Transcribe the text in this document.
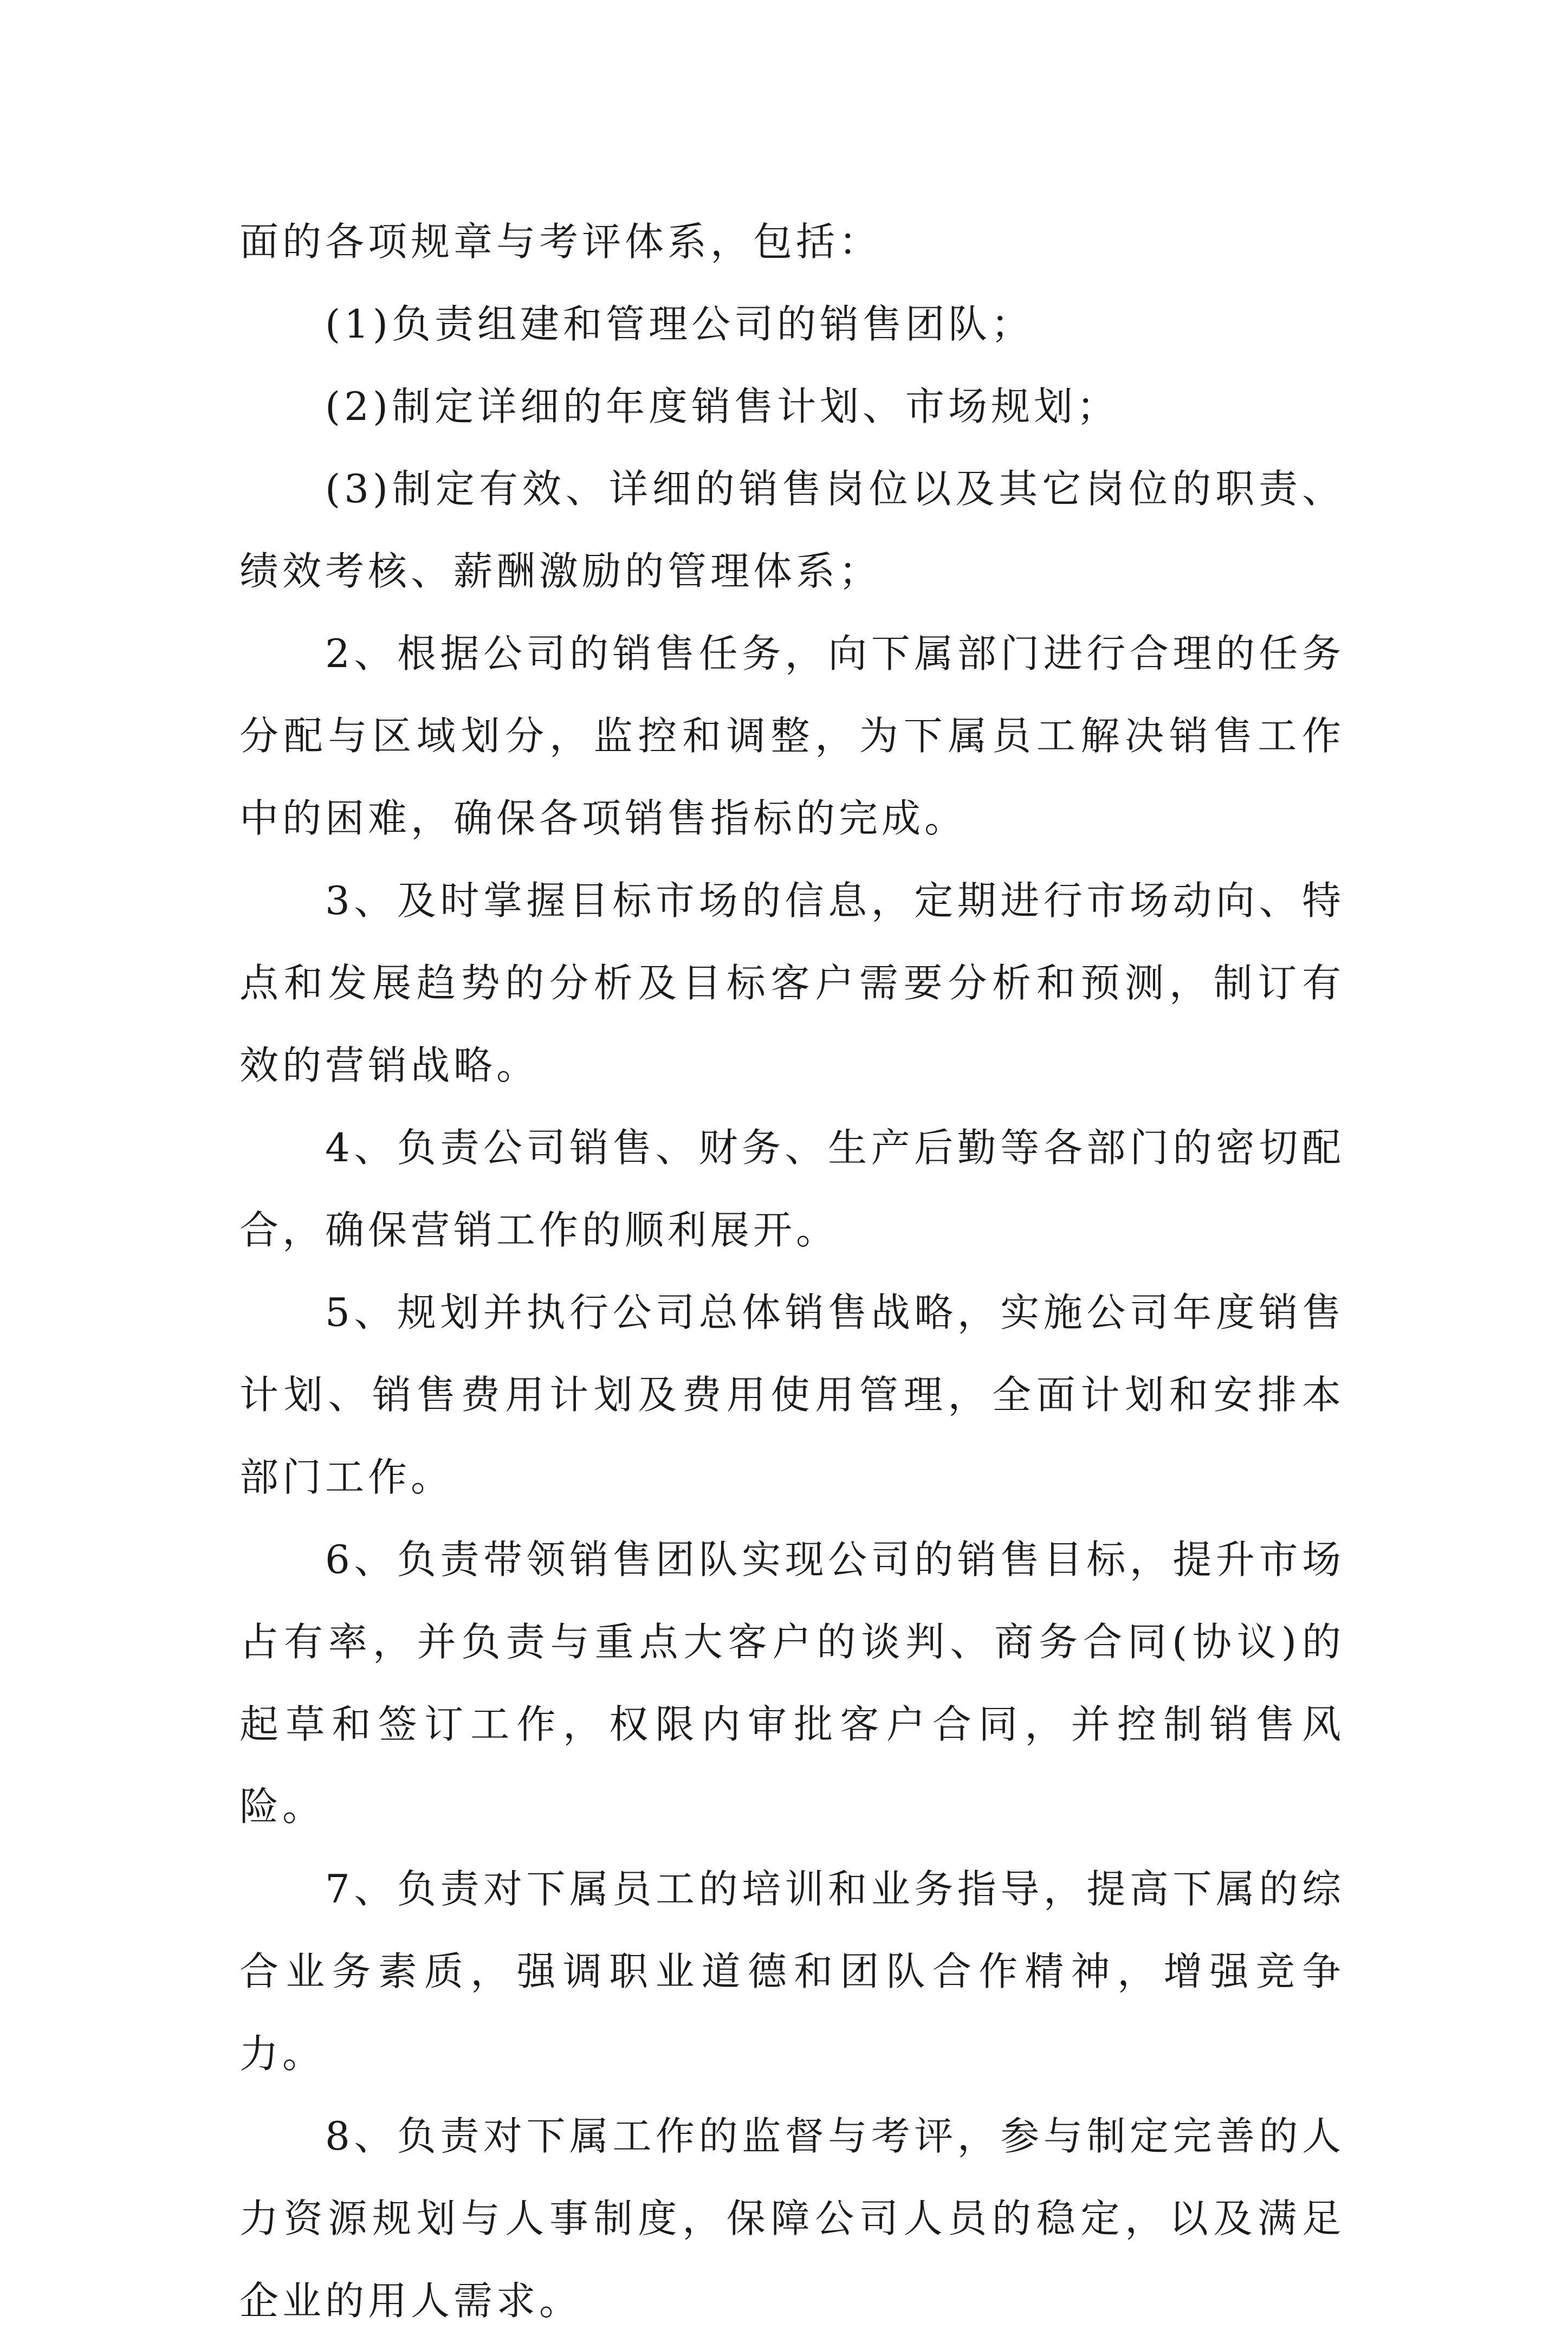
面的各项规章与考评体系，包括：

(1)负责组建和管理公司的销售团队；

(2)制定详细的年度销售计划、市场规划；

(3)制定有效、详细的销售岗位以及其它岗位的职责、绩效考核、薪酬激励的管理体系；

2、根据公司的销售任务，向下属部门进行合理的任务分配与区域划分，监控和调整，为下属员工解决销售工作中的困难，确保各项销售指标的完成。

3、及时掌握目标市场的信息，定期进行市场动向、特点和发展趋势的分析及目标客户需要分析和预测，制订有效的营销战略。

4、负责公司销售、财务、生产后勤等各部门的密切配合，确保营销工作的顺利展开。

5、规划并执行公司总体销售战略，实施公司年度销售计划、销售费用计划及费用使用管理，全面计划和安排本部门工作。

6、负责带领销售团队实现公司的销售目标，提升市场占有率，并负责与重点大客户的谈判、商务合同(协议)的起草和签订工作，权限内审批客户合同，并控制销售风险。

7、负责对下属员工的培训和业务指导，提高下属的综合业务素质，强调职业道德和团队合作精神，增强竞争力。

8、负责对下属工作的监督与考评，参与制定完善的人力资源规划与人事制度，保障公司人员的稳定，以及满足企业的用人需求。
